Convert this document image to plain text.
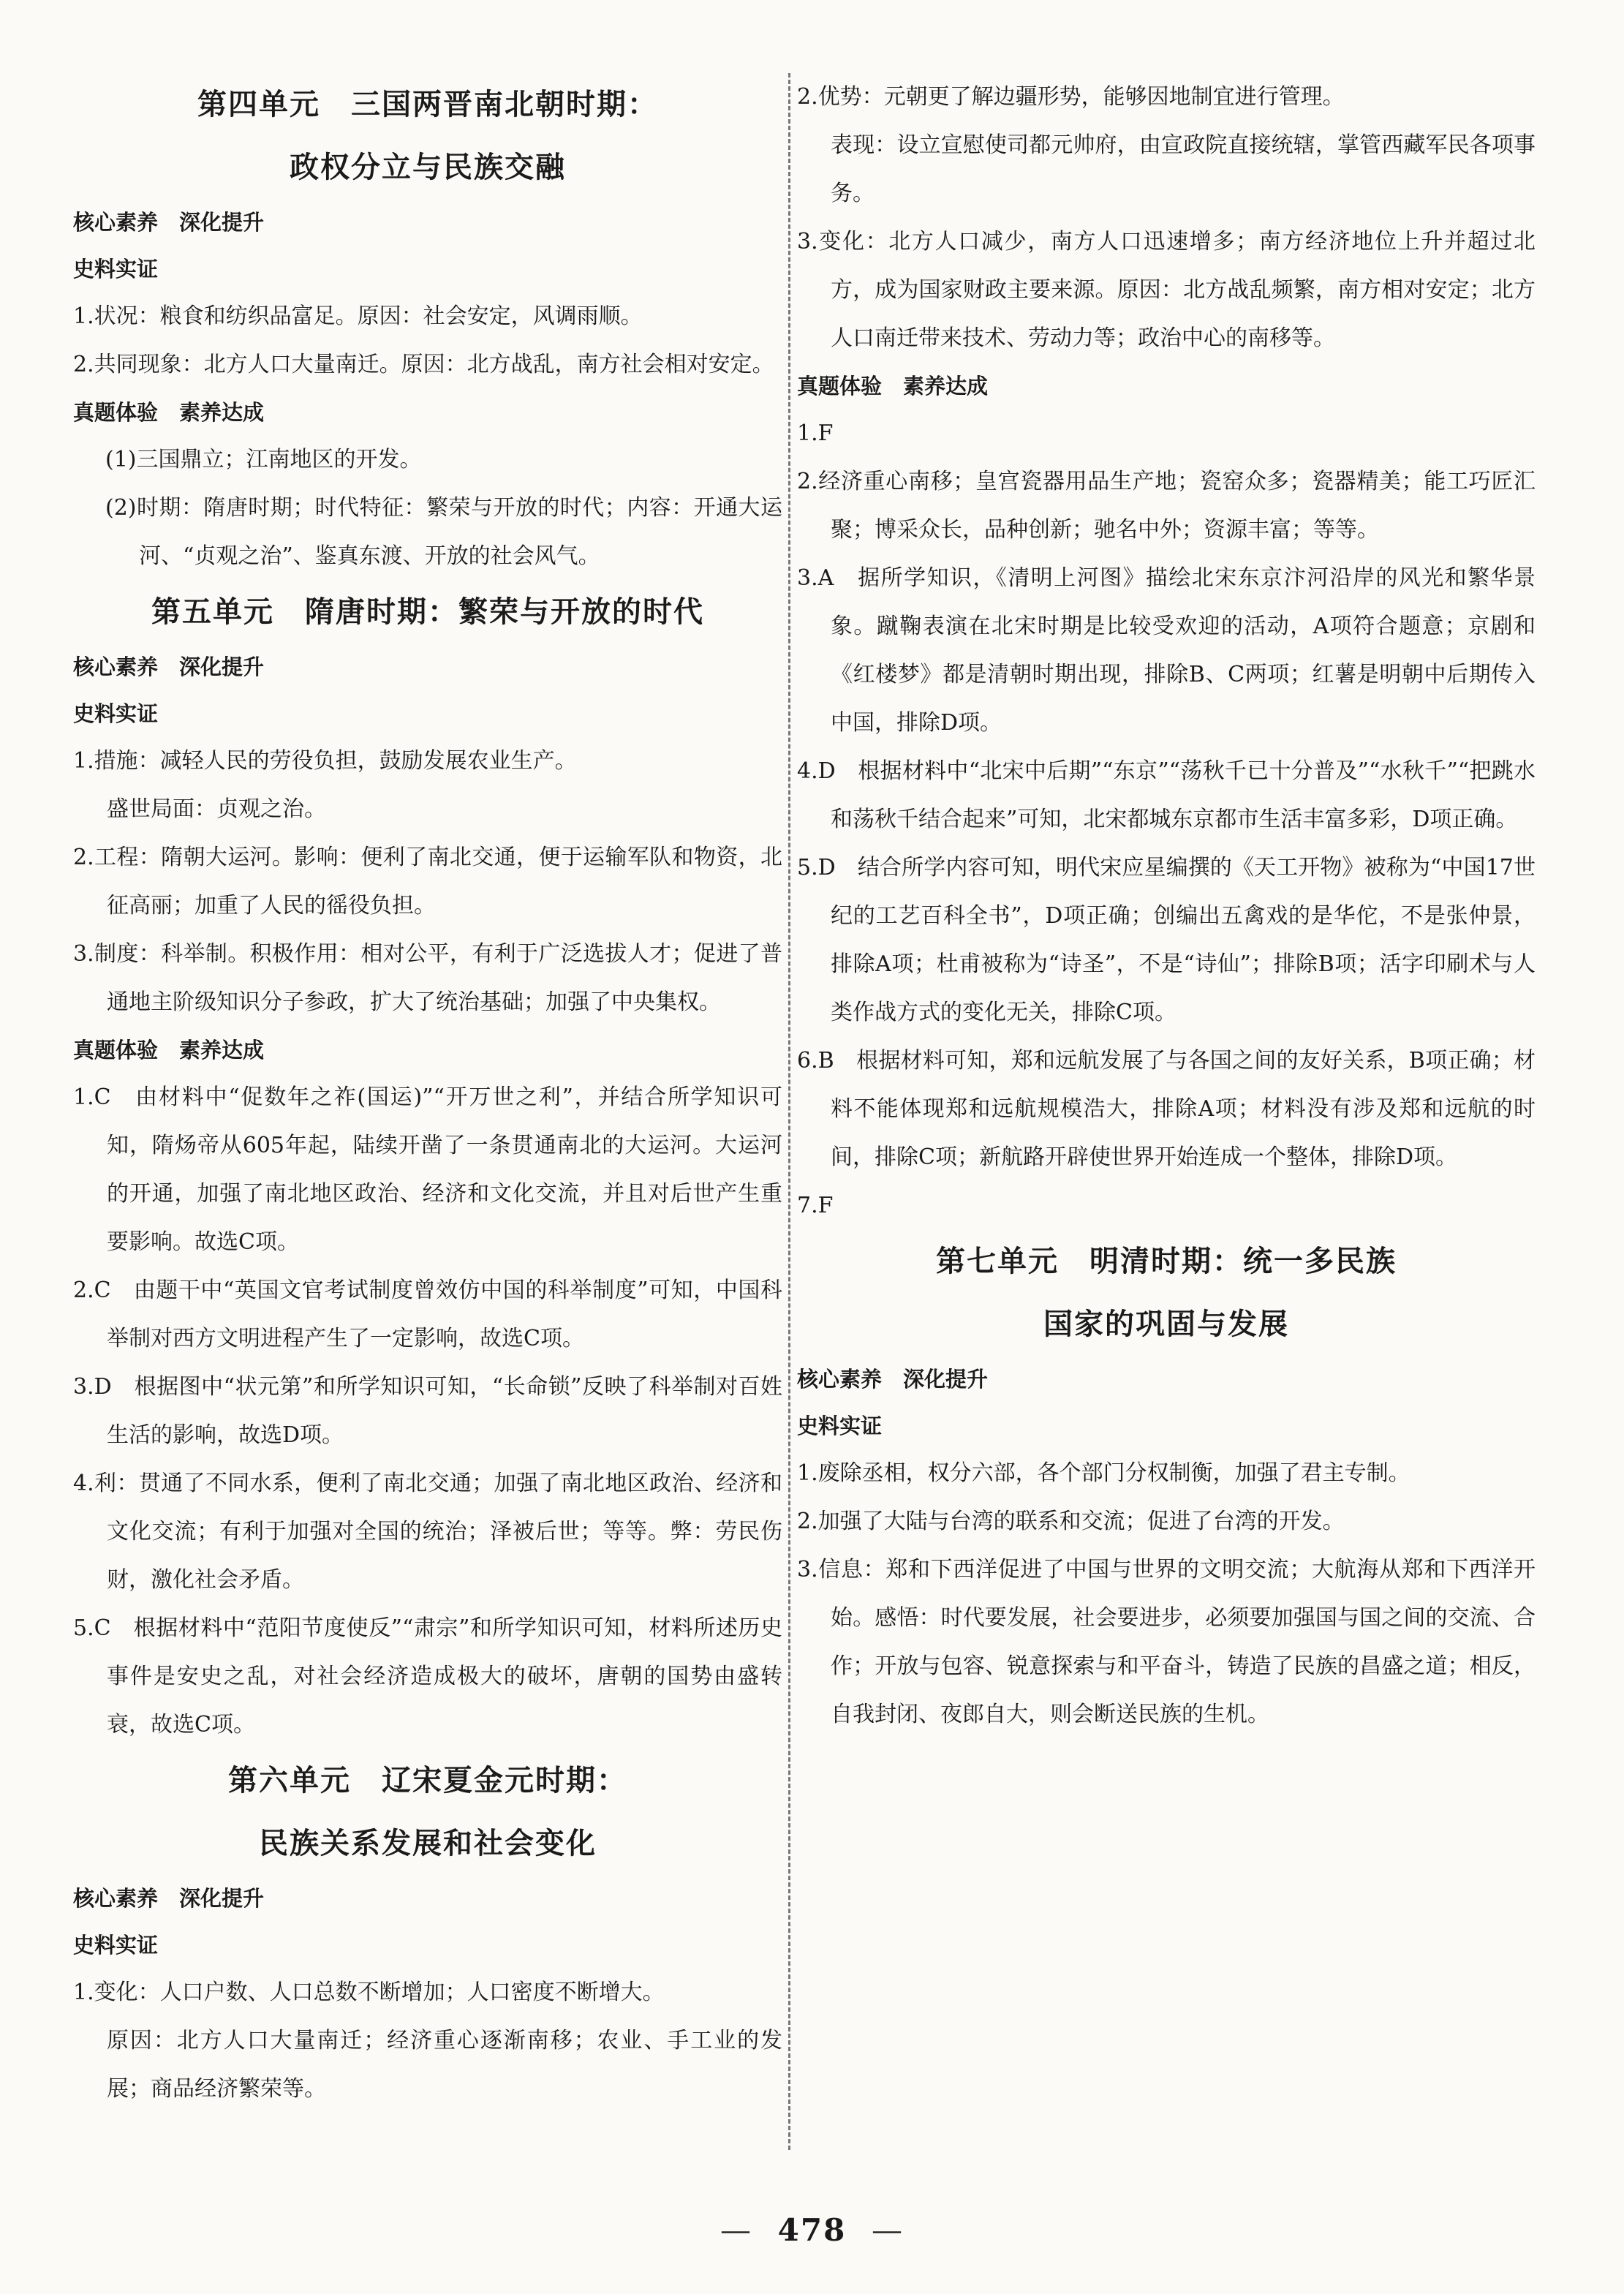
第四单元　三国两晋南北朝时期：

政权分立与民族交融

核心素养　深化提升

史料实证

1.状况：粮食和纺织品富足。原因：社会安定，风调雨顺。

2.共同现象：北方人口大量南迁。原因：北方战乱，南方社会相对安定。

真题体验　素养达成

(1)三国鼎立；江南地区的开发。

(2)时期：隋唐时期；时代特征：繁荣与开放的时代；内容：开通大运河、“贞观之治”、鉴真东渡、开放的社会风气。

第五单元　隋唐时期：繁荣与开放的时代

核心素养　深化提升

史料实证

1.措施：减轻人民的劳役负担，鼓励发展农业生产。

盛世局面：贞观之治。

2.工程：隋朝大运河。影响：便利了南北交通，便于运输军队和物资，北征高丽；加重了人民的徭役负担。

3.制度：科举制。积极作用：相对公平，有利于广泛选拔人才；促进了普通地主阶级知识分子参政，扩大了统治基础；加强了中央集权。

真题体验　素养达成

1.C　由材料中“促数年之祚(国运)”“开万世之利”，并结合所学知识可知，隋炀帝从605年起，陆续开凿了一条贯通南北的大运河。大运河的开通，加强了南北地区政治、经济和文化交流，并且对后世产生重要影响。故选C项。

2.C　由题干中“英国文官考试制度曾效仿中国的科举制度”可知，中国科举制对西方文明进程产生了一定影响，故选C项。

3.D　根据图中“状元第”和所学知识可知，“长命锁”反映了科举制对百姓生活的影响，故选D项。

4.利：贯通了不同水系，便利了南北交通；加强了南北地区政治、经济和文化交流；有利于加强对全国的统治；泽被后世；等等。弊：劳民伤财，激化社会矛盾。

5.C　根据材料中“范阳节度使反”“肃宗”和所学知识可知，材料所述历史事件是安史之乱，对社会经济造成极大的破坏，唐朝的国势由盛转衰，故选C项。

第六单元　辽宋夏金元时期：

民族关系发展和社会变化

核心素养　深化提升

史料实证

1.变化：人口户数、人口总数不断增加；人口密度不断增大。

原因：北方人口大量南迁；经济重心逐渐南移；农业、手工业的发展；商品经济繁荣等。

2.优势：元朝更了解边疆形势，能够因地制宜进行管理。

表现：设立宣慰使司都元帅府，由宣政院直接统辖，掌管西藏军民各项事务。

3.变化：北方人口减少，南方人口迅速增多；南方经济地位上升并超过北方，成为国家财政主要来源。原因：北方战乱频繁，南方相对安定；北方人口南迁带来技术、劳动力等；政治中心的南移等。

真题体验　素养达成

1.F

2.经济重心南移；皇宫瓷器用品生产地；瓷窑众多；瓷器精美；能工巧匠汇聚；博采众长，品种创新；驰名中外；资源丰富；等等。

3.A　据所学知识，《清明上河图》描绘北宋东京汴河沿岸的风光和繁华景象。蹴鞠表演在北宋时期是比较受欢迎的活动，A项符合题意；京剧和《红楼梦》都是清朝时期出现，排除B、C两项；红薯是明朝中后期传入中国，排除D项。

4.D　根据材料中“北宋中后期”“东京”“荡秋千已十分普及”“水秋千”“把跳水和荡秋千结合起来”可知，北宋都城东京都市生活丰富多彩，D项正确。

5.D　结合所学内容可知，明代宋应星编撰的《天工开物》被称为“中国17世纪的工艺百科全书”，D项正确；创编出五禽戏的是华佗，不是张仲景，排除A项；杜甫被称为“诗圣”，不是“诗仙”；排除B项；活字印刷术与人类作战方式的变化无关，排除C项。

6.B　根据材料可知，郑和远航发展了与各国之间的友好关系，B项正确；材料不能体现郑和远航规模浩大，排除A项；材料没有涉及郑和远航的时间，排除C项；新航路开辟使世界开始连成一个整体，排除D项。

7.F

第七单元　明清时期：统一多民族

国家的巩固与发展

核心素养　深化提升

史料实证

1.废除丞相，权分六部，各个部门分权制衡，加强了君主专制。

2.加强了大陆与台湾的联系和交流；促进了台湾的开发。

3.信息：郑和下西洋促进了中国与世界的文明交流；大航海从郑和下西洋开始。感悟：时代要发展，社会要进步，必须要加强国与国之间的交流、合作；开放与包容、锐意探索与和平奋斗，铸造了民族的昌盛之道；相反，自我封闭、夜郎自大，则会断送民族的生机。

— 478 —
